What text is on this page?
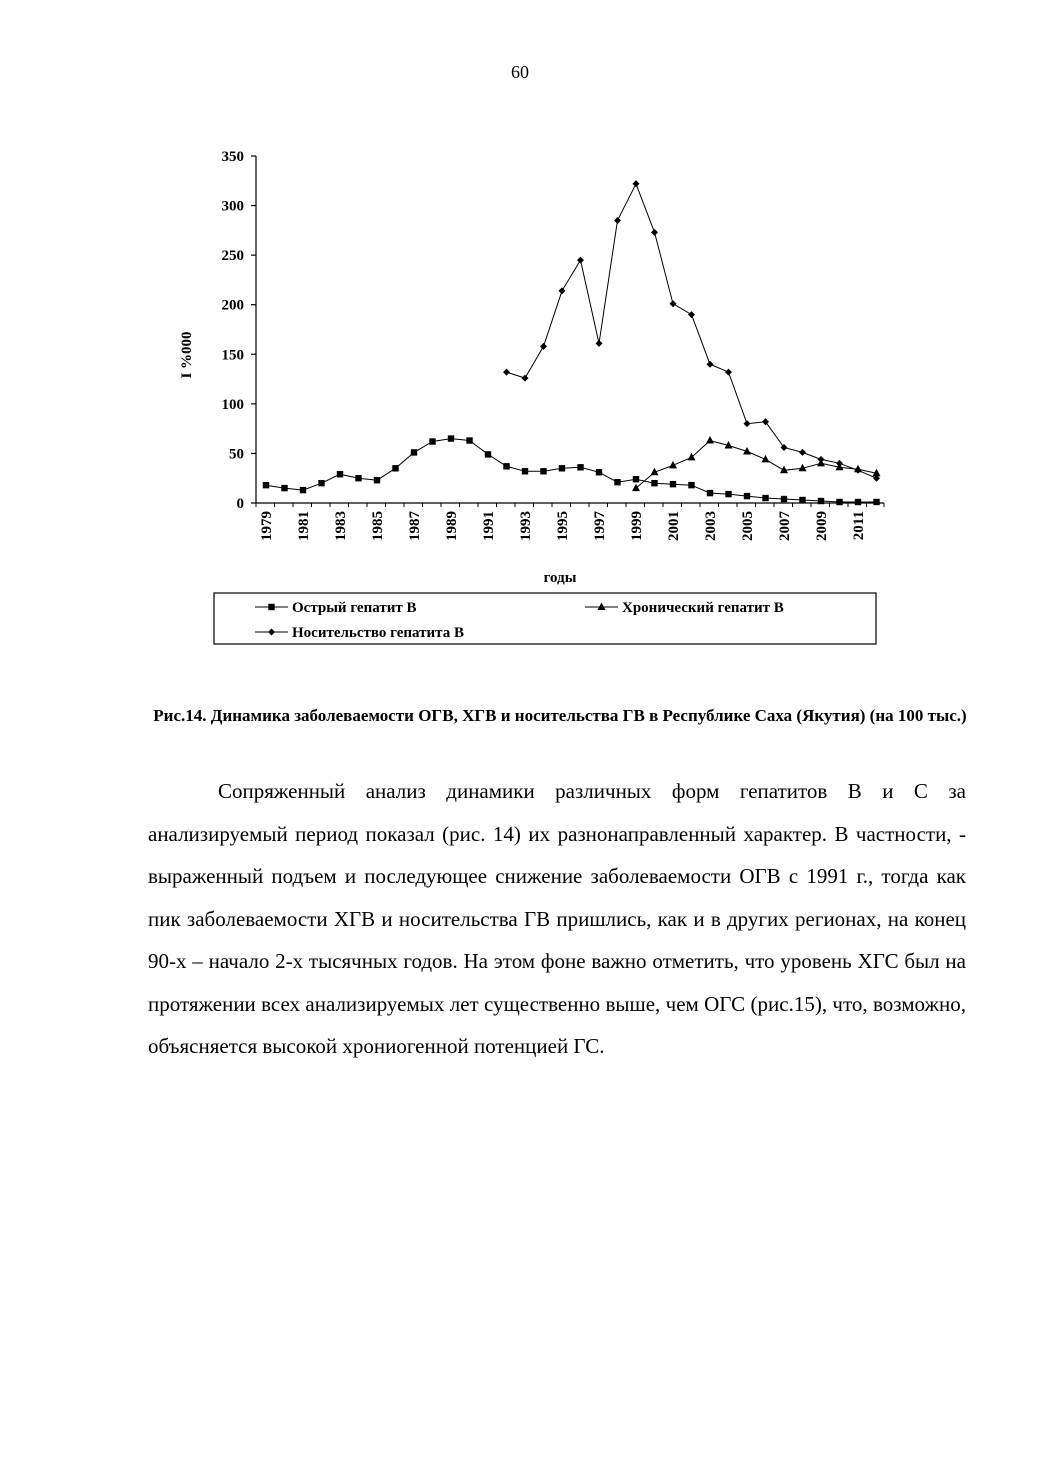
60
0
50
100
150
200
250
300
350
1979 1981 1983 1985 1987 1989 1991 1993 1995 1997 1999 2001 2003 2005 2007 2009 2011
I %000
годы
Острый гепатит В	Хронический гепатит В
Носительство гепатита В
Рис.14. Динамика заболеваемости ОГВ, ХГВ и носительства ГВ в Республике Саха (Якутия) (на 100 тыс.)

Сопряженный анализ динамики различных форм гепатитов В и С за анализируемый период показал (рис. 14) их разнонаправленный характер. В частности, - выраженный подъем и последующее снижение заболеваемости ОГВ с 1991 г., тогда как пик заболеваемости ХГВ и носительства ГВ пришлись, как и в других регионах, на конец 90-х – начало 2-х тысячных годов. На этом фоне важно отметить, что уровень ХГС был на протяжении всех анализируемых лет существенно выше, чем ОГС (рис.15), что, возможно, объясняется высокой хрониогенной потенцией ГС.
